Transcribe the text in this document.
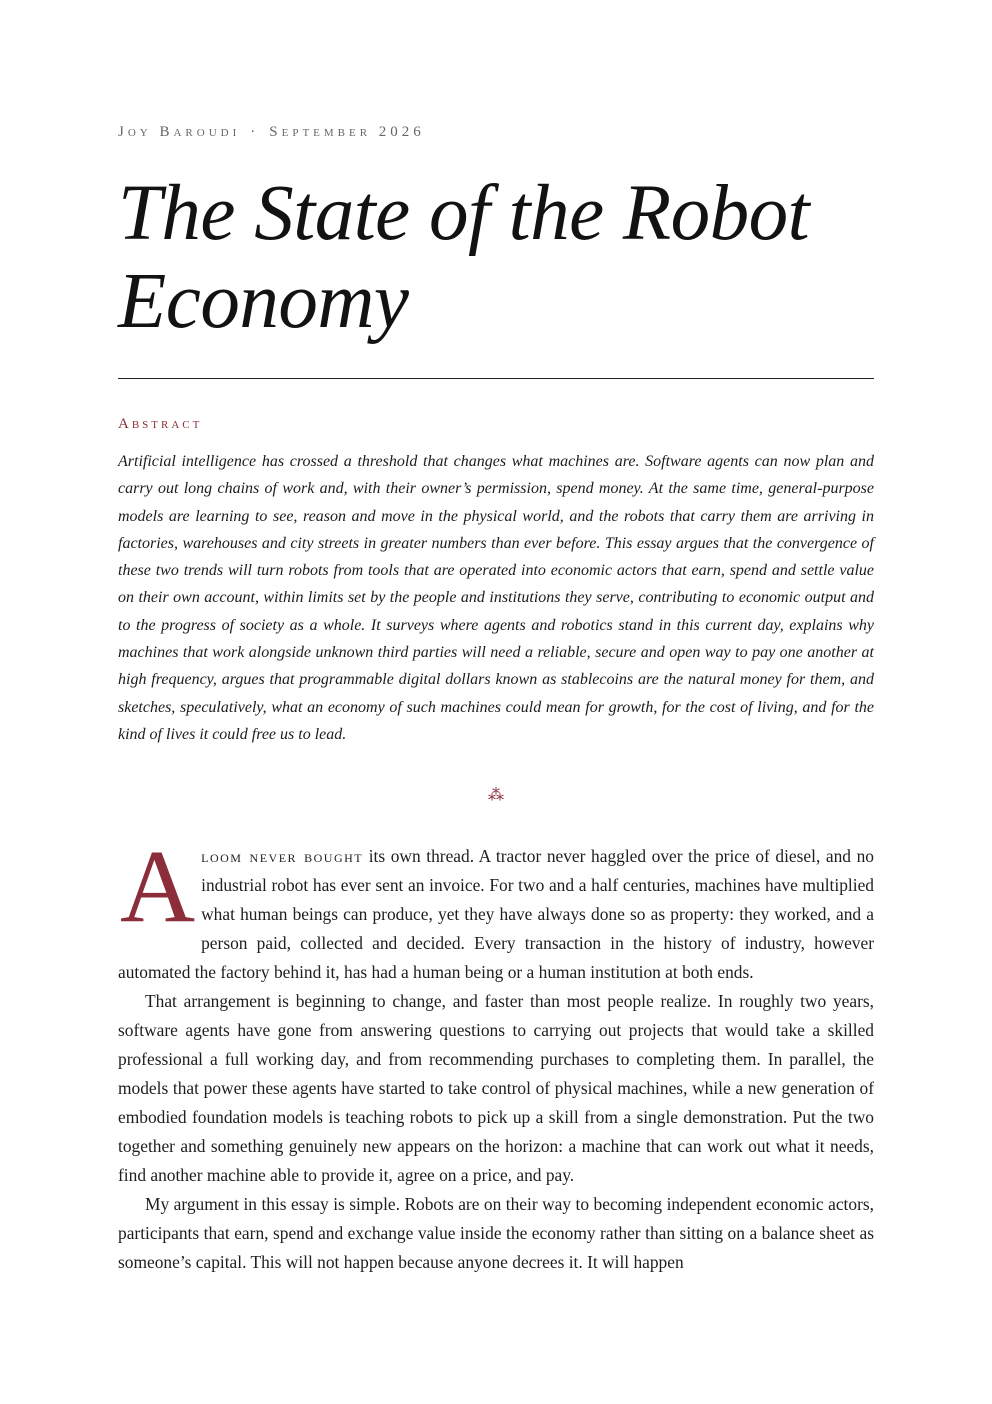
Joy Baroudi · September 2026
The State of the Robot Economy
Abstract

Artificial intelligence has crossed a threshold that changes what machines are. Software agents can now plan and carry out long chains of work and, with their owner’s permission, spend money. At the same time, general-purpose models are learning to see, reason and move in the physical world, and the robots that carry them are arriving in factories, warehouses and city streets in greater numbers than ever before. This essay argues that the convergence of these two trends will turn robots from tools that are operated into economic actors that earn, spend and settle value on their own account, within limits set by the people and institutions they serve, contributing to economic output and to the progress of society as a whole. It surveys where agents and robotics stand in this current day, explains why machines that work alongside unknown third parties will need a reliable, secure and open way to pay one another at high frequency, argues that programmable digital dollars known as stablecoins are the natural money for them, and sketches, speculatively, what an economy of such machines could mean for growth, for the cost of living, and for the kind of lives it could free us to lead.

⁂

Aloom never bought its own thread. A tractor never haggled over the price of diesel, and no industrial robot has ever sent an invoice. For two and a half centuries, machines have multiplied what human beings can produce, yet they have always done so as property: they worked, and a person paid, collected and decided. Every transaction in the history of industry, however automated the factory behind it, has had a human being or a human institution at both ends.

That arrangement is beginning to change, and faster than most people realize. In roughly two years, software agents have gone from answering questions to carrying out projects that would take a skilled professional a full working day, and from recommending purchases to completing them. In parallel, the models that power these agents have started to take control of physical machines, while a new generation of embodied foundation models is teaching robots to pick up a skill from a single demonstration. Put the two together and something genuinely new appears on the horizon: a machine that can work out what it needs, find another machine able to provide it, agree on a price, and pay.

My argument in this essay is simple. Robots are on their way to becoming independent economic actors, participants that earn, spend and exchange value inside the economy rather than sitting on a balance sheet as someone’s capital. This will not happen because anyone decrees it. It will happen
